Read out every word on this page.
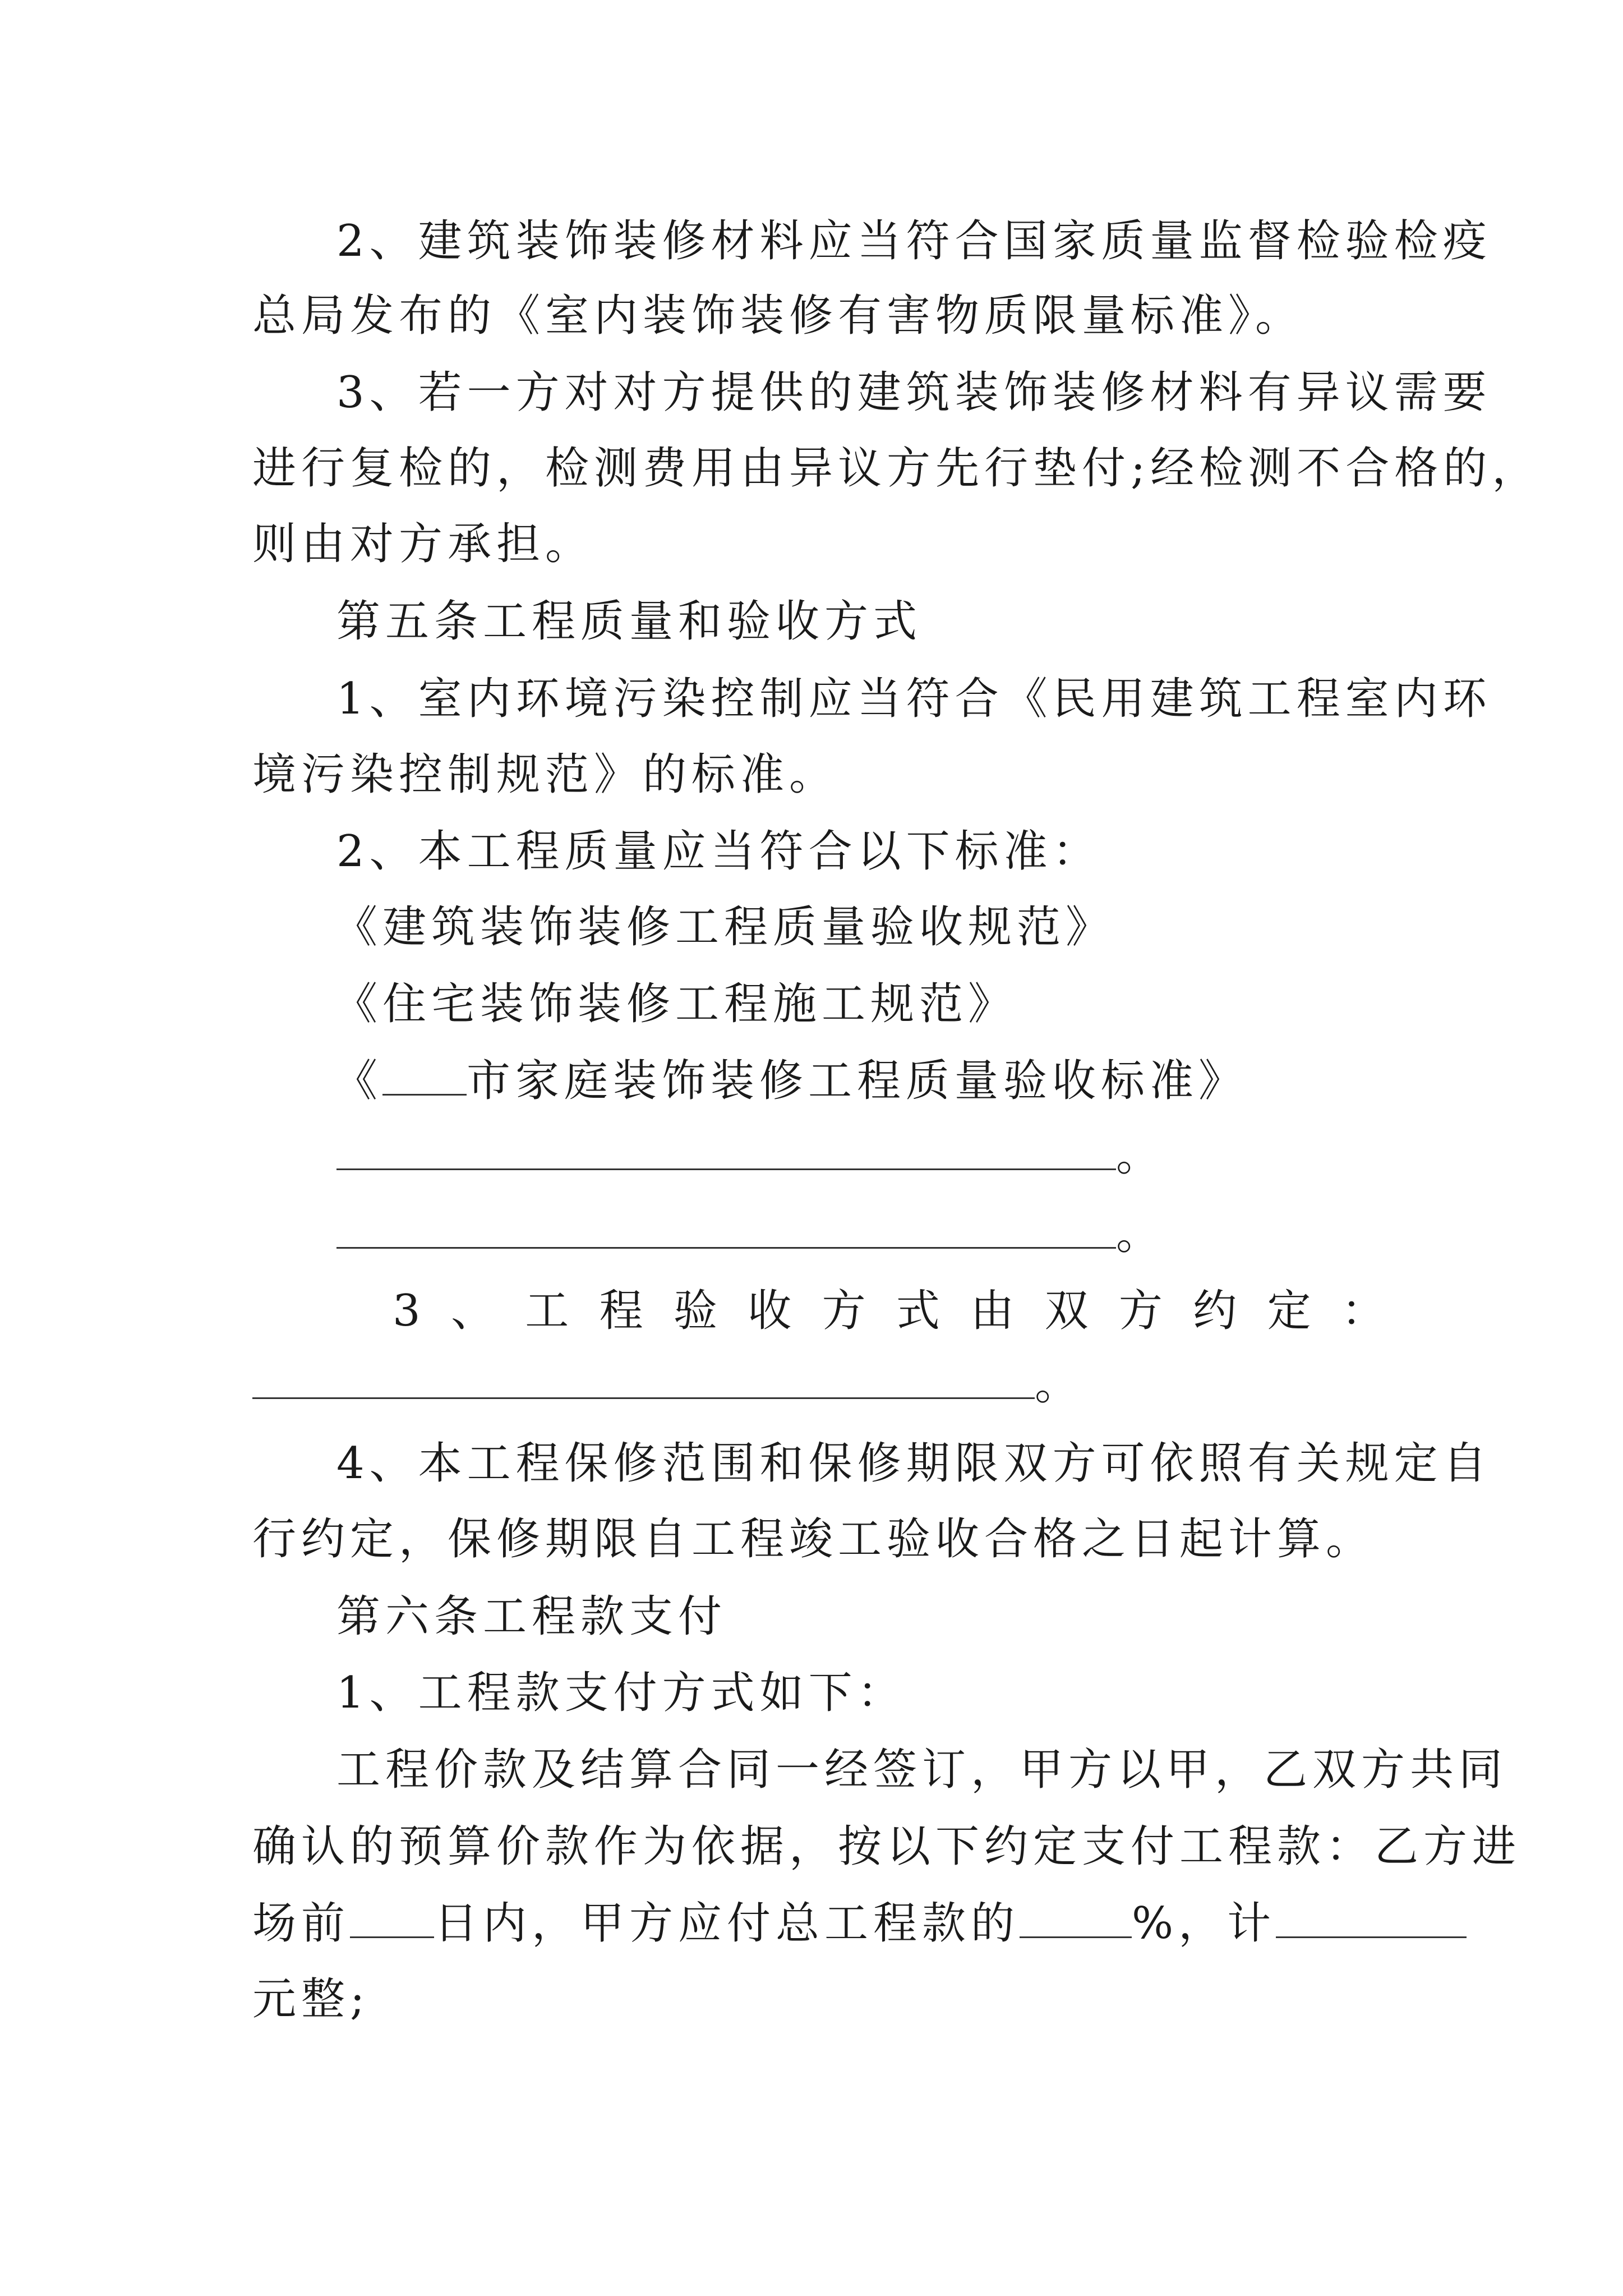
2、建筑装饰装修材料应当符合国家质量监督检验检疫
总局发布的《室内装饰装修有害物质限量标准》。
3、若一方对对方提供的建筑装饰装修材料有异议需要
进行复检的，检测费用由异议方先行垫付;经检测不合格的，
则由对方承担。
第五条工程质量和验收方式
1、室内环境污染控制应当符合《民用建筑工程室内环
境污染控制规范》的标准。
2、本工程质量应当符合以下标准：
《建筑装饰装修工程质量验收规范》
《住宅装饰装修工程施工规范》
《 市家庭装饰装修工程质量验收标准》
。
。
3 、 工 程 验 收 方 式 由 双 方 约 定 ：
。
4、本工程保修范围和保修期限双方可依照有关规定自
行约定，保修期限自工程竣工验收合格之日起计算。
第六条工程款支付
1、工程款支付方式如下：
工程价款及结算合同一经签订，甲方以甲，乙双方共同
确认的预算价款作为依据，按以下约定支付工程款：乙方进
场前 日内，甲方应付总工程款的	%，计
元整;
